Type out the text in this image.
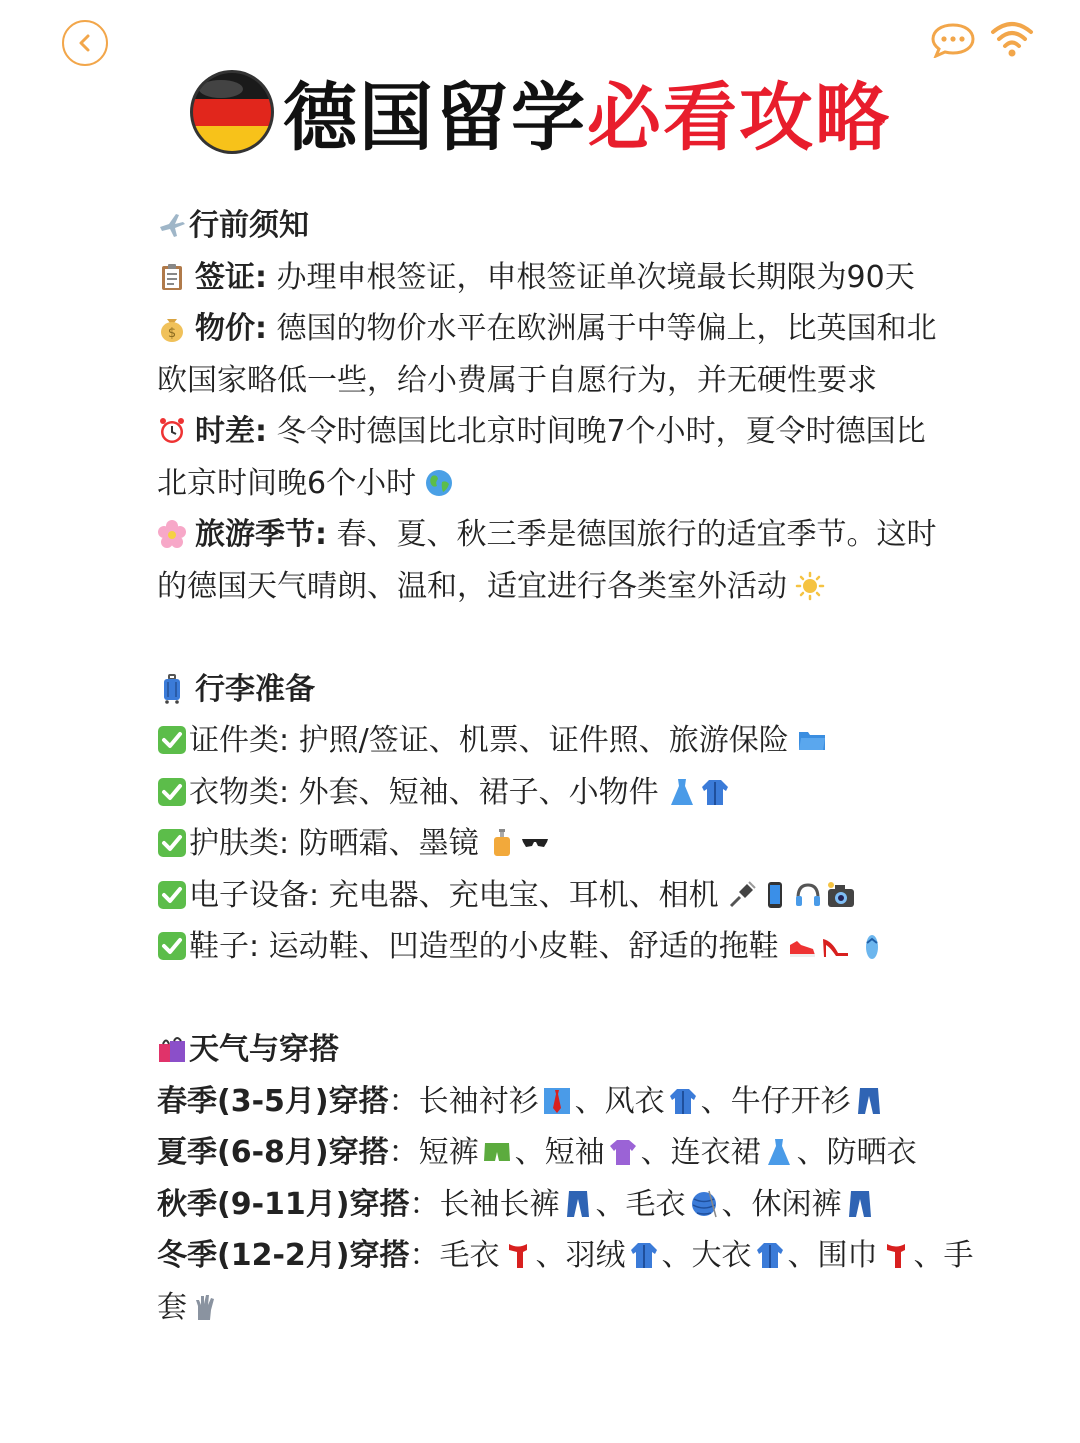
德国留学 必看攻略
行前须知
签证: 办理申根签证，申根签证单次境最长期限为90天
物价: 德国的物价水平在欧洲属于中等偏上，比英国和北
欧国家略低一些，给小费属于自愿行为，并无硬性要求
时差: 冬令时德国比北京时间晚7个小时，夏令时德国比
北京时间晚6个小时
旅游季节: 春、夏、秋三季是德国旅行的适宜季节。这时
的德国天气晴朗、温和，适宜进行各类室外活动
行李准备
证件类: 护照/签证、机票、证件照、旅游保险
衣物类: 外套、短袖、裙子、小物件
护肤类: 防晒霜、墨镜
电子设备: 充电器、充电宝、耳机、相机
鞋子: 运动鞋、凹造型的小皮鞋、舒适的拖鞋
天气与穿搭
春季(3-5月)穿搭：长袖衬衫 、风衣 、牛仔开衫
夏季(6-8月)穿搭：短裤 、短袖 、连衣裙 、防晒衣
秋季(9-11月)穿搭：长袖长裤 、毛衣 、休闲裤
冬季(12-2月)穿搭：毛衣 、羽绒 、大衣 、围巾 、手
套
